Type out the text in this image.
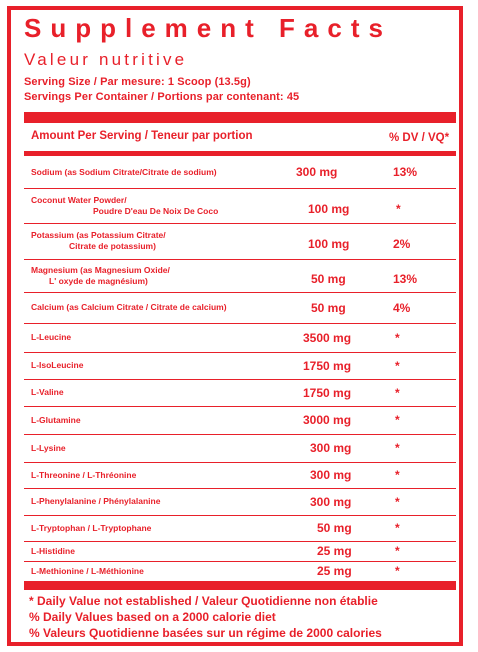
Supplement Facts
Valeur nutritive
Serving Size / Par mesure: 1 Scoop (13.5g)
Servings Per Container / Portions par contenant: 45
Amount Per Serving / Teneur par portion	% DV / VQ*
Sodium (as Sodium Citrate/Citrate de sodium)	300 mg	13%
Coconut Water Powder/
Poudre D'eau De Noix De Coco	100 mg	*
Potassium (as Potassium Citrate/
Citrate de potassium)	100 mg	2%
Magnesium (as Magnesium Oxide/
L' oxyde de magnésium)	50 mg	13%
Calcium (as Calcium Citrate / Citrate de calcium)	50 mg	4%
L-Leucine	3500 mg	*
L-IsoLeucine	1750 mg	*
L-Valine	1750 mg	*
L-Glutamine	3000 mg	*
L-Lysine	300 mg	*
L-Threonine / L-Thréonine	300 mg	*
L-Phenylalanine / Phénylalanine	300 mg	*
L-Tryptophan / L-Tryptophane	50 mg	*
L-Histidine	25 mg	*
L-Methionine / L-Méthionine	25 mg	*
* Daily Value not established / Valeur Quotidienne non établie
% Daily Values based on a 2000 calorie diet
% Valeurs Quotidienne basées sur un régime de 2000 calories
